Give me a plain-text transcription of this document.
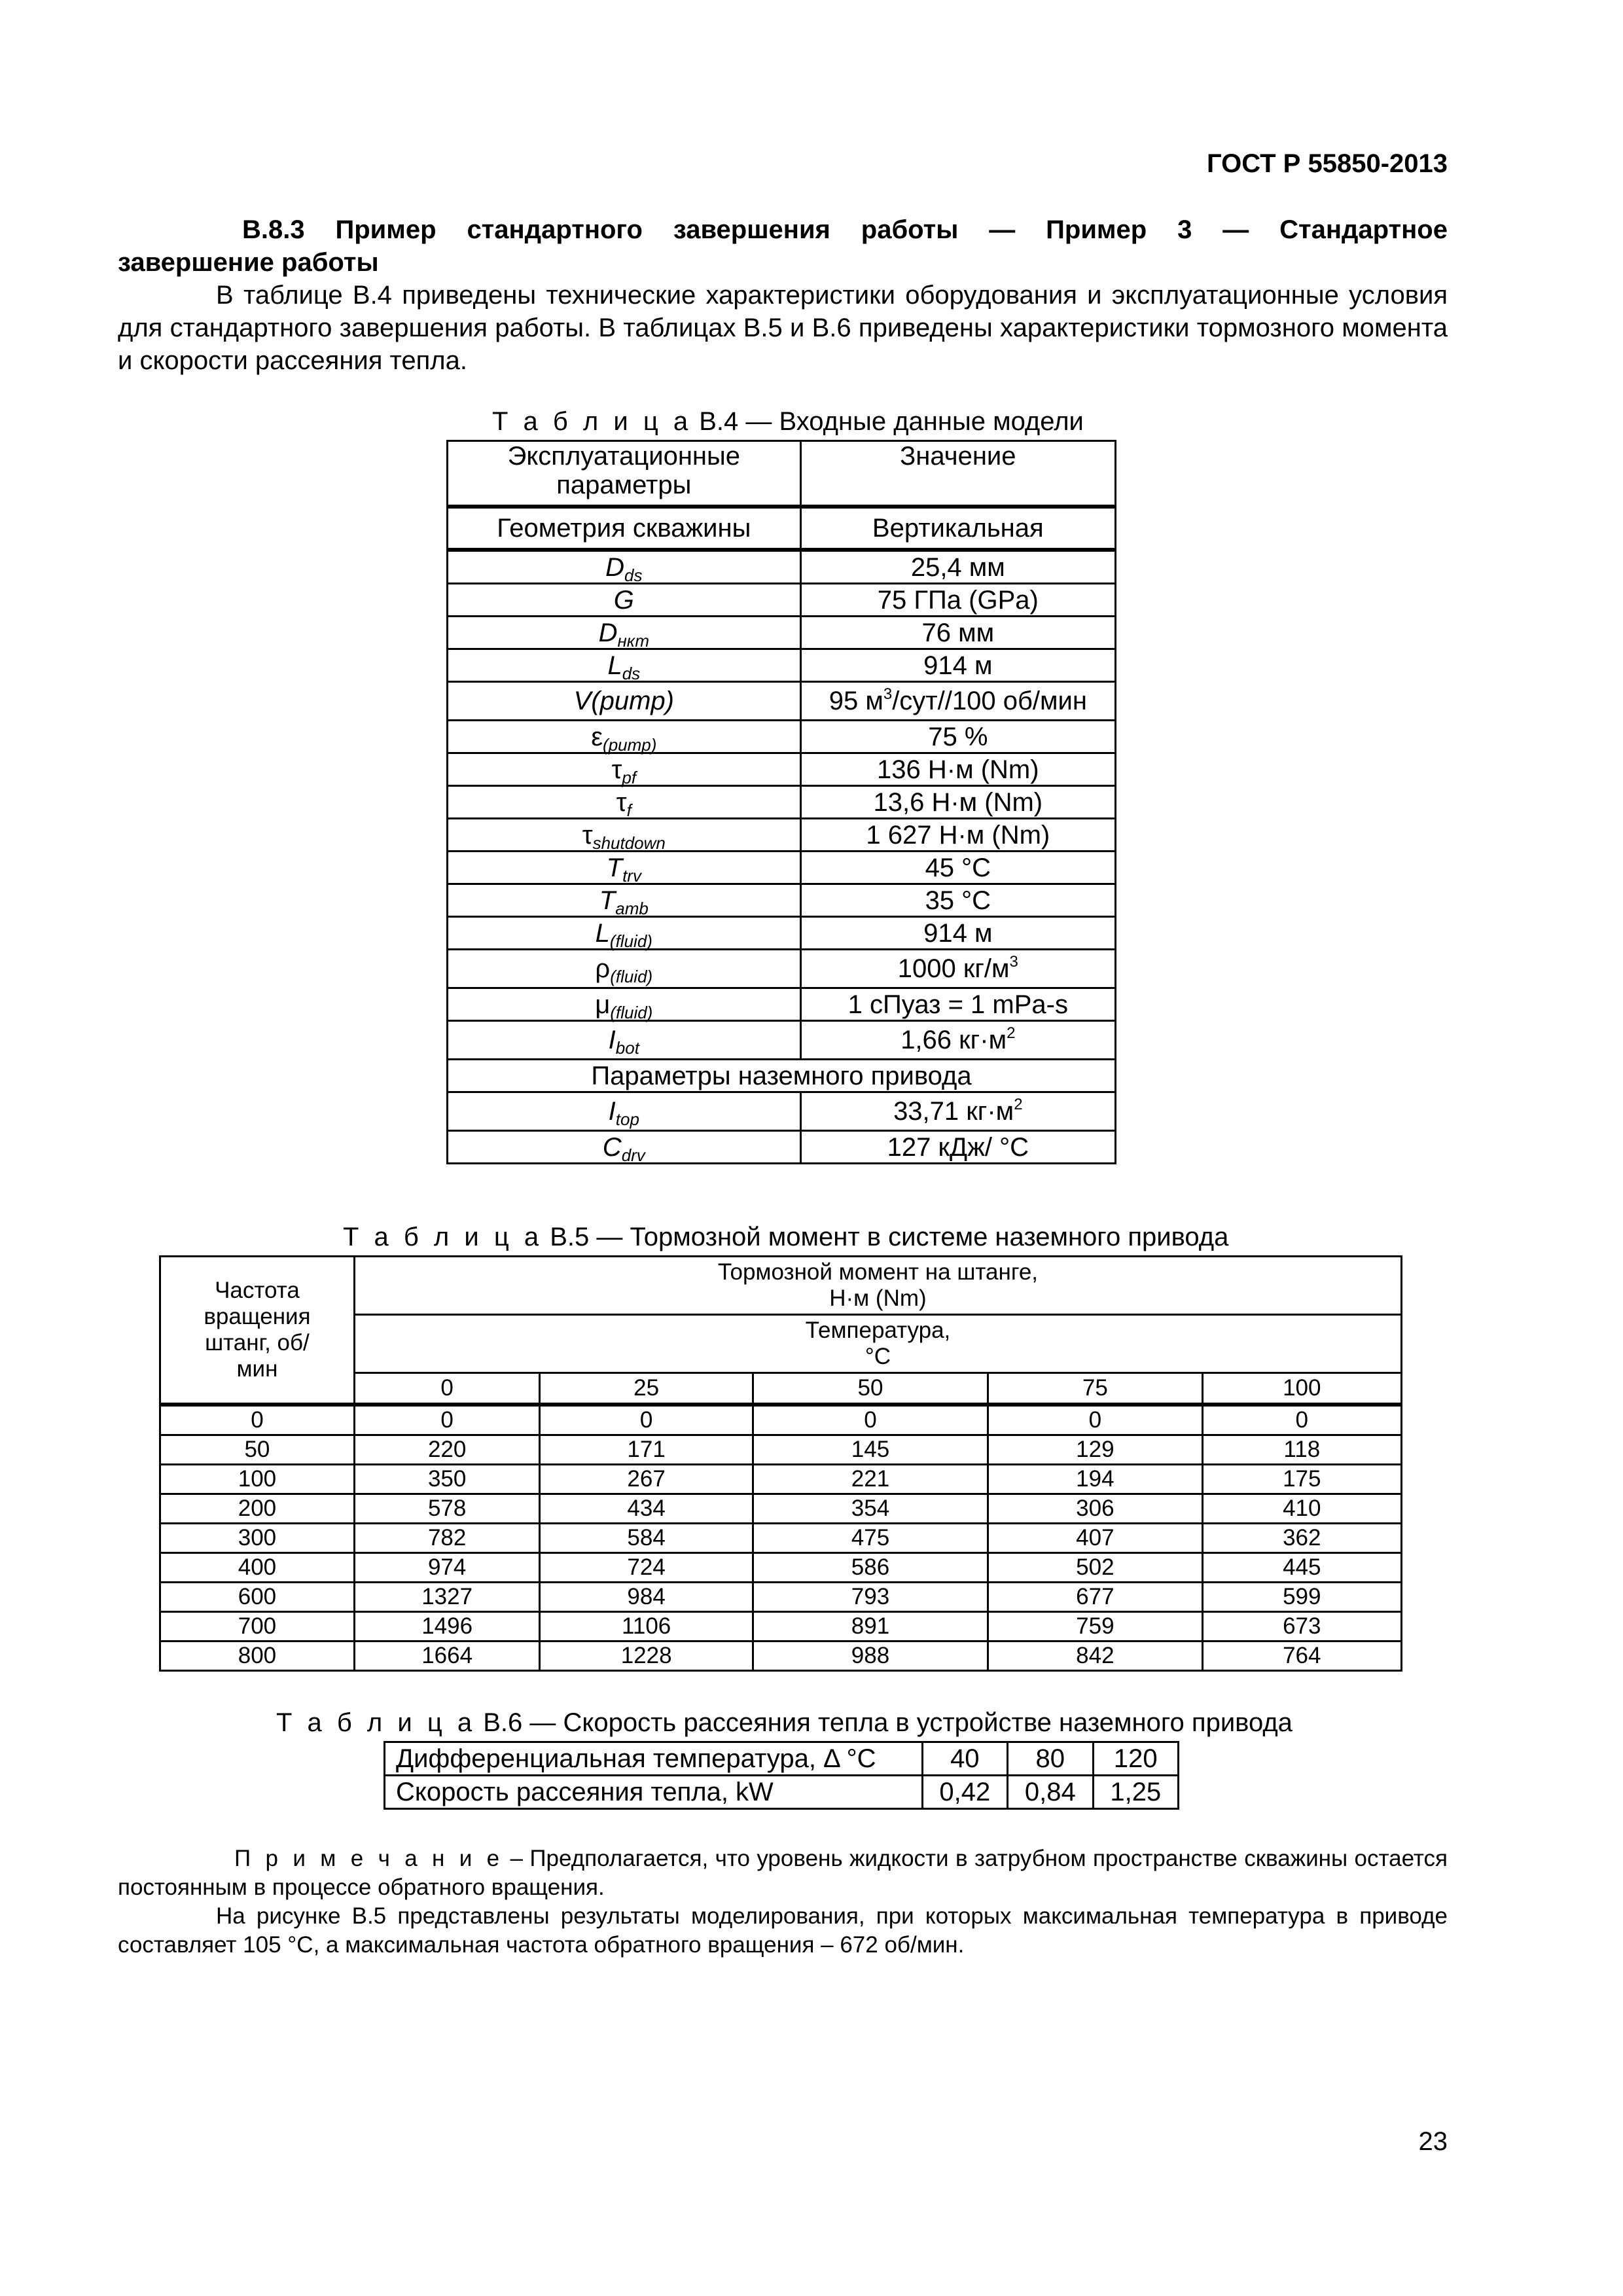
ГОСТ Р 55850-2013
В.8.3 Пример стандартного завершения работы — Пример 3 — Стандартное
завершение работы
В таблице В.4 приведены технические характеристики оборудования и эксплуатационные условия для стандартного завершения работы. В таблицах В.5 и В.6 приведены характеристики тормозного момента и скорости рассеяния тепла.
Т а б л и ц а В.4 — Входные данные модели
Эксплуатационные параметры	Значение
Геометрия скважины	Вертикальная
$D_{ds}$	25,4 мм
G	75 ГПа (GPa)
$D_{нкт}$	76 мм
$L_{ds}$	914 м
V(pump)	95 $м^3/сут//100$ об/мин
$\varepsilon_{(pump)}$	75 %
$\tau_{pf}$	136 Н·м (Nm)
$\tau_f$	13,6 Н·м (Nm)
$\tau_{shutdown}$	1 627 Н·м (Nm)
$T_{trv}$	45 °C
$T_{amb}$	35 °C
$L_{(fluid)}$	914 м
$\rho_{(fluid)}$	1000 $кг/м^3$
$\mu_{(fluid)}$	1 сПуаз = 1 mPa-s
$I_{bot}$	1,66 $кг\cdot м^2$
Параметры наземного привода	
$I_{top}$	33,71 $кг\cdot м^2$
$C_{drv}$	127 кДж/ °C
Т а б л и ц а В.5 — Тормозной момент в системе наземного привода
Частота вращения штанг, об/мин	Тормозной момент на штанге,
Н·м (Nm)				

	Температура,
°С				

	0	25	50	75	100
0	0	0	0	0	0
50	220	171	145	129	118
100	350	267	221	194	175
200	578	434	354	306	410
300	782	584	475	407	362
400	974	724	586	502	445
600	1327	984	793	677	599
700	1496	1106	891	759	673
800	1664	1228	988	842	764
Т а б л и ц а В.6 — Скорость рассеяния тепла в устройстве наземного привода
Дифференциальная температура, Δ °С	40	80	120
Скорость рассеяния тепла, kW	0,42	0,84	1,25
П р и м е ч а н и е – Предполагается, что уровень жидкости в затрубном пространстве скважины остается постоянным в процессе обратного вращения.
На рисунке В.5 представлены результаты моделирования, при которых максимальная температура в приводе составляет 105 °С, а максимальная частота обратного вращения – 672 об/мин.
23
